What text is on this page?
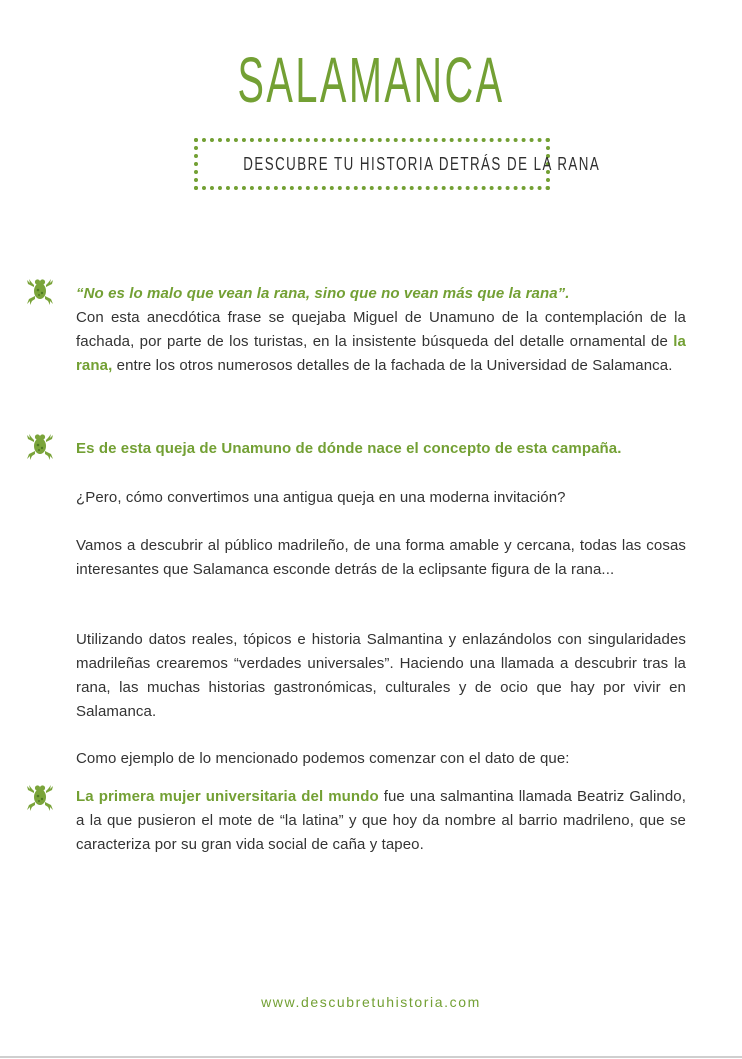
SALAMANCA
DESCUBRE TU HISTORIA DETRÁS DE LA RANA
“No es lo malo que vean la rana, sino que no vean más que la rana”.
Con esta anecdótica frase se quejaba Miguel de Unamuno de la contemplación de la fachada, por parte de los turistas, en la insistente búsqueda del detalle ornamental de la rana, entre los otros numerosos detalles de la fachada de la Universidad de Salamanca.
Es de esta queja de Unamuno de dónde nace el concepto de esta campaña.
¿Pero, cómo convertimos una antigua queja en una moderna invitación?
Vamos a descubrir al público madrileño, de una forma amable y cercana, todas las cosas interesantes que Salamanca esconde detrás de la eclipsante figura de la rana...
Utilizando datos reales, tópicos e historia Salmantina y enlazándolos con singularidades madrileñas crearemos “verdades universales”. Haciendo una llamada a descubrir tras la rana, las muchas historias gastronómicas, culturales y de ocio que hay por vivir en Salamanca.
Como ejemplo de lo mencionado podemos comenzar con el dato de que:
La primera mujer universitaria del mundo fue una salmantina llamada Beatriz Galindo, a la que pusieron el mote de “la latina” y que hoy da nombre al barrio madrileno, que se caracteriza por su gran vida social de caña y tapeo.
www.descubretuhistoria.com
